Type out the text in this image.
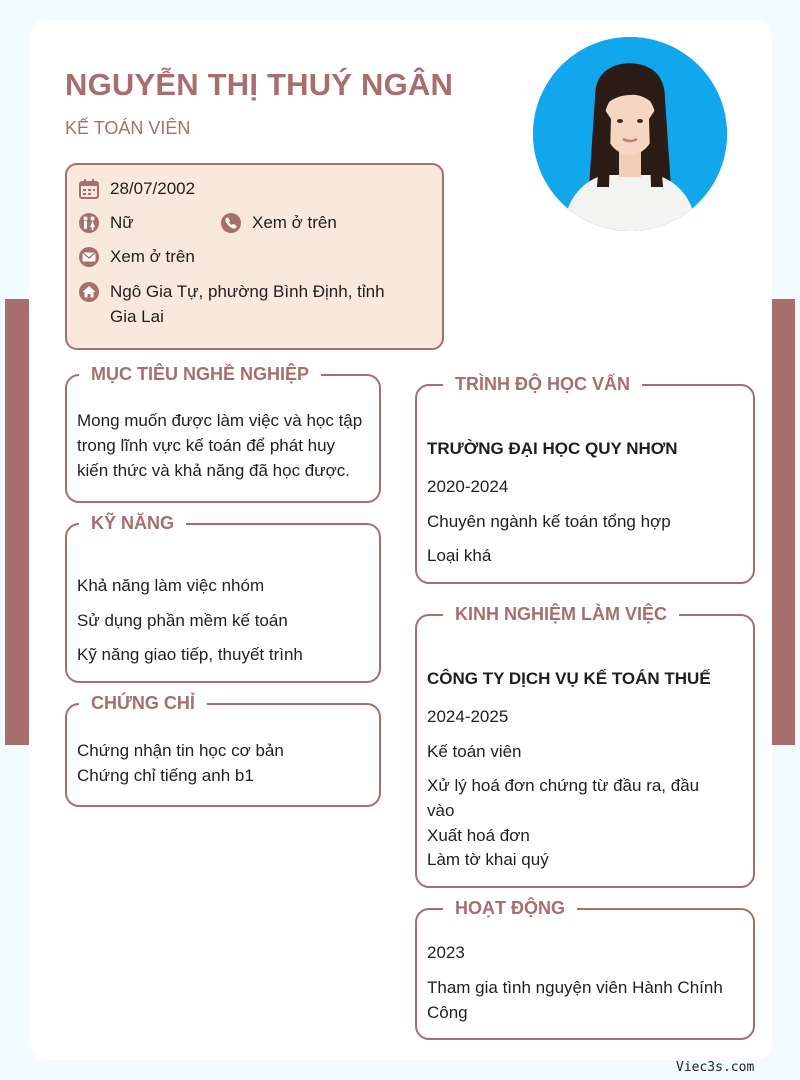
NGUYỄN THỊ THUÝ NGÂN
KẾ TOÁN VIÊN
28/07/2002
Nữ	Xem ở trên
Xem ở trên
Ngô Gia Tự, phường Bình Định, tỉnh
Gia Lai
MỤC TIÊU NGHỀ NGHIỆP
Mong muốn được làm việc và học tập
trong lĩnh vực kế toán để phát huy
kiến thức và khả năng đã học được.
KỸ NĂNG
Khả năng làm việc nhóm
Sử dụng phần mềm kế toán
Kỹ năng giao tiếp, thuyết trình
CHỨNG CHỈ
Chứng nhận tin học cơ bản
Chứng chỉ tiếng anh b1
TRÌNH ĐỘ HỌC VẤN
TRƯỜNG ĐẠI HỌC QUY NHƠN
2020-2024
Chuyên ngành kế toán tổng hợp
Loại khá
KINH NGHIỆM LÀM VIỆC
CÔNG TY DỊCH VỤ KẾ TOÁN THUẾ
2024-2025
Kế toán viên
Xử lý hoá đơn chứng từ đầu ra, đầu
vào
Xuất hoá đơn
Làm tờ khai quý
HOẠT ĐỘNG
2023
Tham gia tình nguyện viên Hành Chính
Công
Viec3s.com
